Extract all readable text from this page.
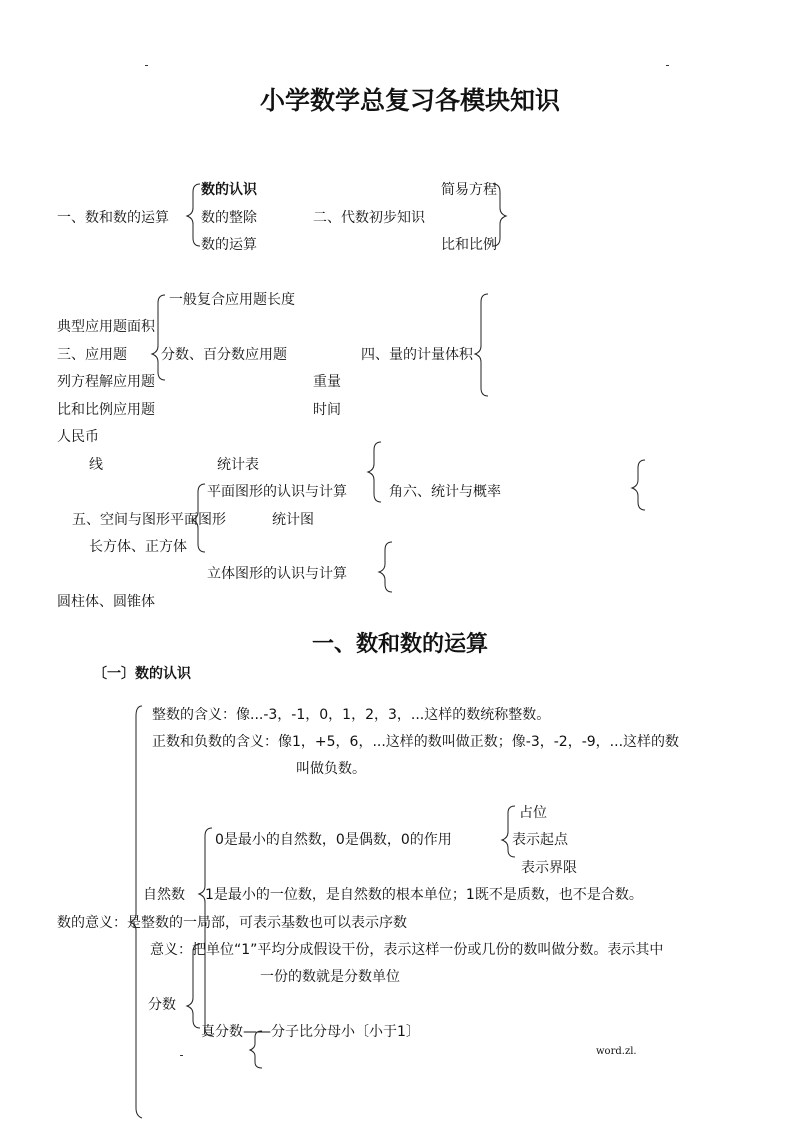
小学数学总复习各模块知识
数的认识	简易方程
一、数和数的运算 数的整除	二、代数初步知识
数的运算	比和比例
一般复合应用题长度
典型应用题面积
三、应用题 分数、百分数应用题	四、量的计量体积
列方程解应用题	重量
比和比例应用题	时间
人民币
线	统计表
平面图形的认识与计算	角六、统计与概率
五、空间与图形平面图形	统计图
长方体、正方体
立体图形的认识与计算
圆柱体、圆锥体
一、数和数的运算
〔一〕数的认识
整数的含义：像...-3，-1，0，1，2，3，...这样的数统称整数。
正数和负数的含义：像1，+5，6，...这样的数叫做正数；像-3，-2，-9，...这样的数
叫做负数。
占位
0是最小的自然数，0是偶数，0的作用	表示起点
表示界限
自然数 1是最小的一位数，是自然数的根本单位；1既不是质数，也不是合数。
数的意义：是整数的一局部，可表示基数也可以表示序数
意义：把单位“1”平均分成假设干份，表示这样一份或几份的数叫做分数。表示其中
一份的数就是分数单位
分数
真分数——分子比分母小〔小于1〕
word.zl.
